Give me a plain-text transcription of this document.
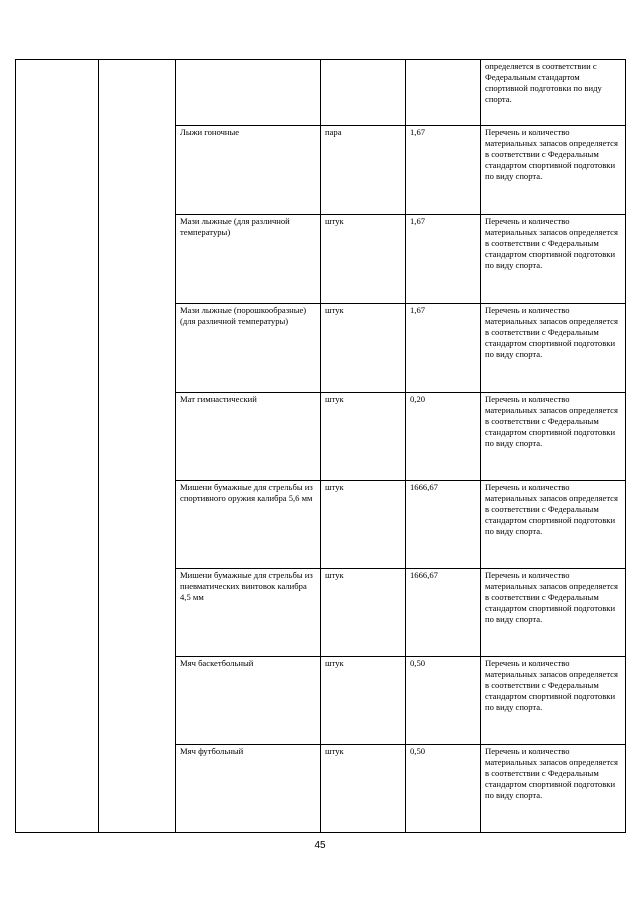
					определяется в соответствии с Федеральным стандартом спортивной подготовки по виду спорта.
		Лыжи гоночные	пара	1,67	Перечень и количество материальных запасов определяется в соответствии с Федеральным стандартом спортивной подготовки по виду спорта.
		Мази лыжные (для различной температуры)	штук	1,67	Перечень и количество материальных запасов определяется в соответствии с Федеральным стандартом спортивной подготовки по виду спорта.
		Мази лыжные (порошкообразные) (для различной температуры)	штук	1,67	Перечень и количество материальных запасов определяется в соответствии с Федеральным стандартом спортивной подготовки по виду спорта.
		Мат гимнастический	штук	0,20	Перечень и количество материальных запасов определяется в соответствии с Федеральным стандартом спортивной подготовки по виду спорта.
		Мишени бумажные для стрельбы из спортивного оружия калибра 5,6 мм	штук	1666,67	Перечень и количество материальных запасов определяется в соответствии с Федеральным стандартом спортивной подготовки по виду спорта.
		Мишени бумажные для стрельбы из пневматических винтовок калибра 4,5 мм	штук	1666,67	Перечень и количество материальных запасов определяется в соответствии с Федеральным стандартом спортивной подготовки по виду спорта.
		Мяч баскетбольный	штук	0,50	Перечень и количество материальных запасов определяется в соответствии с Федеральным стандартом спортивной подготовки по виду спорта.
		Мяч футбольный	штук	0,50	Перечень и количество материальных запасов определяется в соответствии с Федеральным стандартом спортивной подготовки по виду спорта.
45
